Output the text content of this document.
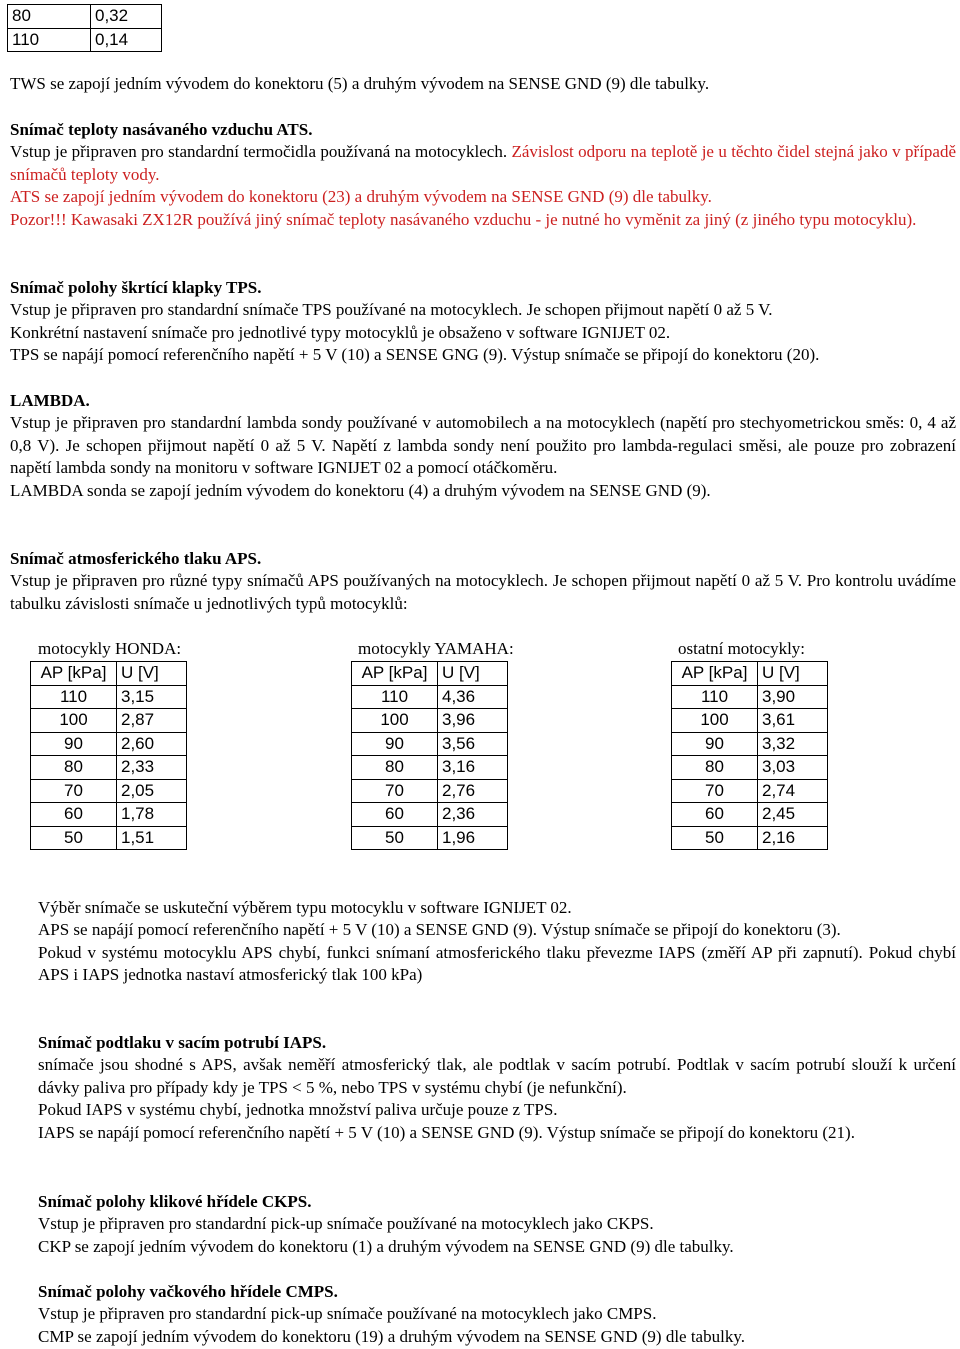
80	0,32
110	0,14

TWS se zapojí jedním vývodem do konektoru (5) a druhým vývodem na SENSE GND (9) dle tabulky.

Snímač teploty nasávaného vzduchu ATS.

Vstup je připraven pro standardní termočidla používaná na motocyklech. Závislost odporu na teplotě je u těchto čidel stejná jako v případě snímačů teploty vody.

ATS se zapojí jedním vývodem do konektoru (23) a druhým vývodem na SENSE GND (9) dle tabulky.

Pozor!!! Kawasaki ZX12R používá jiný snímač teploty nasávaného vzduchu - je nutné ho vyměnit za jiný (z jiného typu motocyklu).

Snímač polohy škrtící klapky TPS.

Vstup je připraven pro standardní snímače TPS používané na motocyklech. Je schopen přijmout napětí 0 až 5 V.

Konkrétní nastavení snímače pro jednotlivé typy motocyklů je obsaženo v software IGNIJET 02.

TPS se napájí pomocí referenčního napětí + 5 V (10) a SENSE GNG (9). Výstup snímače se připojí do konektoru (20).

LAMBDA.

Vstup je připraven pro standardní lambda sondy používané v automobilech a na motocyklech (napětí pro stechyometrickou směs: 0, 4 až 0,8 V). Je schopen přijmout napětí 0 až 5 V. Napětí z lambda sondy není použito pro lambda-regulaci směsi, ale pouze pro zobrazení napětí lambda sondy na monitoru v software IGNIJET 02 a pomocí otáčkoměru.

LAMBDA sonda se zapojí jedním vývodem do konektoru (4) a druhým vývodem na SENSE GND (9).

Snímač atmosferického tlaku APS.

Vstup je připraven pro různé typy snímačů APS používaných na motocyklech. Je schopen přijmout napětí 0 až 5 V. Pro kontrolu uvádíme tabulku závislosti snímače u jednotlivých typů motocyklů:

motocykly HONDA:	motocykly YAMAHA:	ostatní motocykly:
AP [kPa]	U [V]
110	3,15
100	2,87
90	2,60
80	2,33
70	2,05
60	1,78
50	1,51
AP [kPa]	U [V]
110	4,36
100	3,96
90	3,56
80	3,16
70	2,76
60	2,36
50	1,96
AP [kPa]	U [V]
110	3,90
100	3,61
90	3,32
80	3,03
70	2,74
60	2,45
50	2,16

Výběr snímače se uskuteční výběrem typu motocyklu v software IGNIJET 02.

APS se napájí pomocí referenčního napětí + 5 V (10) a SENSE GND (9). Výstup snímače se připojí do konektoru (3).

Pokud v systému motocyklu APS chybí, funkci snímaní atmosferického tlaku převezme IAPS (změří AP při zapnutí). Pokud chybí APS i IAPS jednotka nastaví atmosferický tlak 100 kPa)

Snímač podtlaku v sacím potrubí IAPS.

snímače jsou shodné s APS, avšak neměří atmosferický tlak, ale podtlak v sacím potrubí. Podtlak v sacím potrubí slouží k určení dávky paliva pro případy kdy je TPS < 5 %, nebo TPS v systému chybí (je nefunkční).

Pokud IAPS v systému chybí, jednotka množství paliva určuje pouze z TPS.

IAPS se napájí pomocí referenčního napětí + 5 V (10) a SENSE GND (9). Výstup snímače se připojí do konektoru (21).

Snímač polohy klikové hřídele CKPS.

Vstup je připraven pro standardní pick-up snímače používané na motocyklech jako CKPS.

CKP se zapojí jedním vývodem do konektoru (1) a druhým vývodem na SENSE GND (9) dle tabulky.

Snímač polohy vačkového hřídele CMPS.

Vstup je připraven pro standardní pick-up snímače používané na motocyklech jako CMPS.

CMP se zapojí jedním vývodem do konektoru (19) a druhým vývodem na SENSE GND (9) dle tabulky.
